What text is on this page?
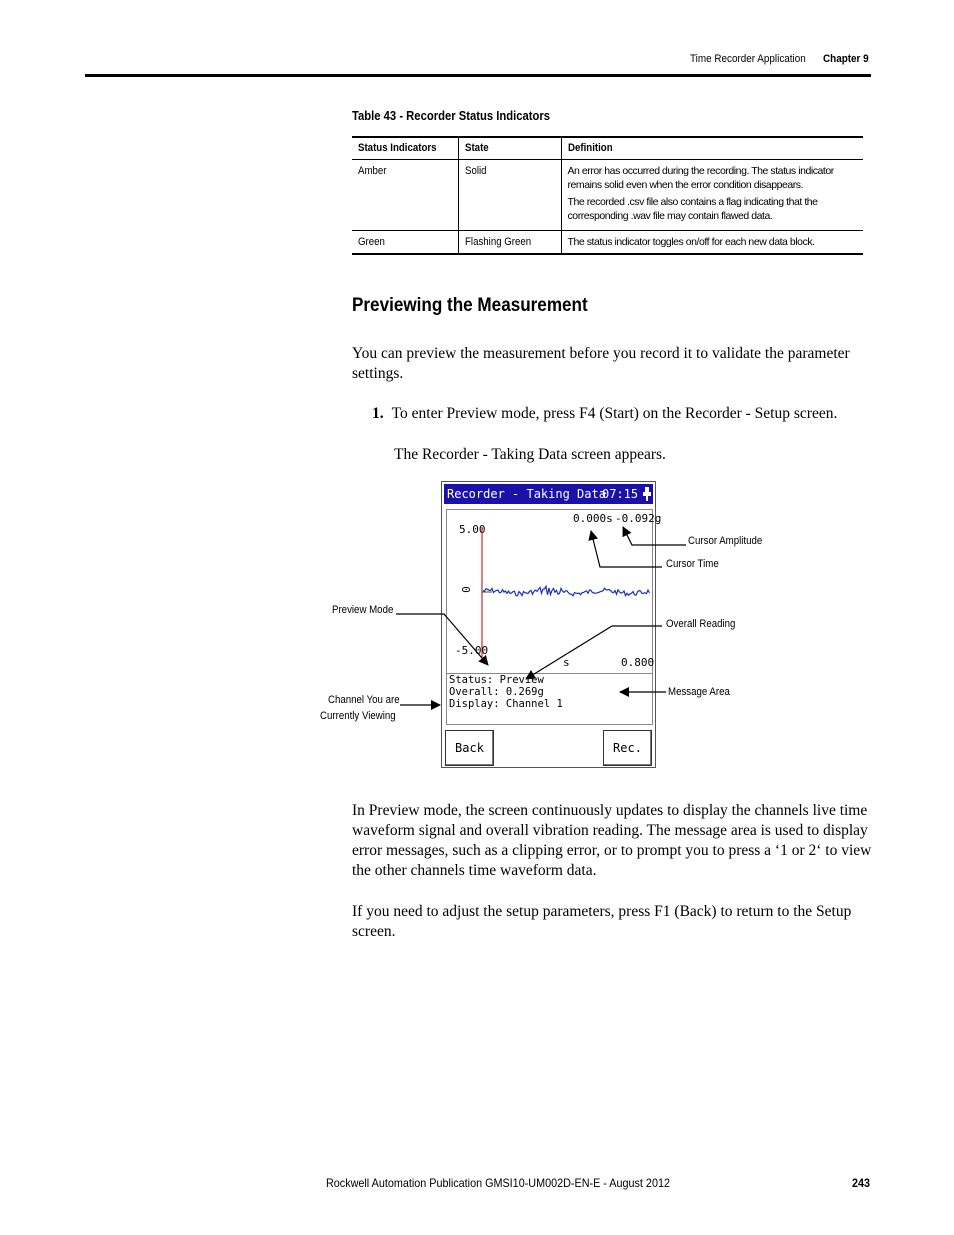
Time Recorder Application Chapter 9
Table 43 - Recorder Status Indicators
Status Indicators	State	Definition
Amber	Solid	An error has occurred during the recording. The status indicator remains solid even when the error condition disappears.

The recorded .csv file also contains a flag indicating that the corresponding .wav file may contain flawed data.

Green	Flashing Green	The status indicator toggles on/off for each new data block.
Previewing the Measurement
You can preview the measurement before you record it to validate the parameter settings.
1. To enter Preview mode, press F4 (Start) on the Recorder - Setup screen.
The Recorder - Taking Data screen appears.
Recorder - Taking Data
07:15
5.00
0
-5.00
0.000s -0.092g
s	0.800
Status: Preview
Overall: 0.269g
Display: Channel 1
Back	Rec.
Cursor Amplitude
Cursor Time
Preview Mode
Overall Reading
Channel You are
Currently Viewing
Message Area
In Preview mode, the screen continuously updates to display the channels live time waveform signal and overall vibration reading. The message area is used to display error messages, such as a clipping error, or to prompt you to press a ‘1 or 2‘ to view the other channels time waveform data.
If you need to adjust the setup parameters, press F1 (Back) to return to the Setup screen.
Rockwell Automation Publication GMSI10-UM002D-EN-E - August 2012	243
